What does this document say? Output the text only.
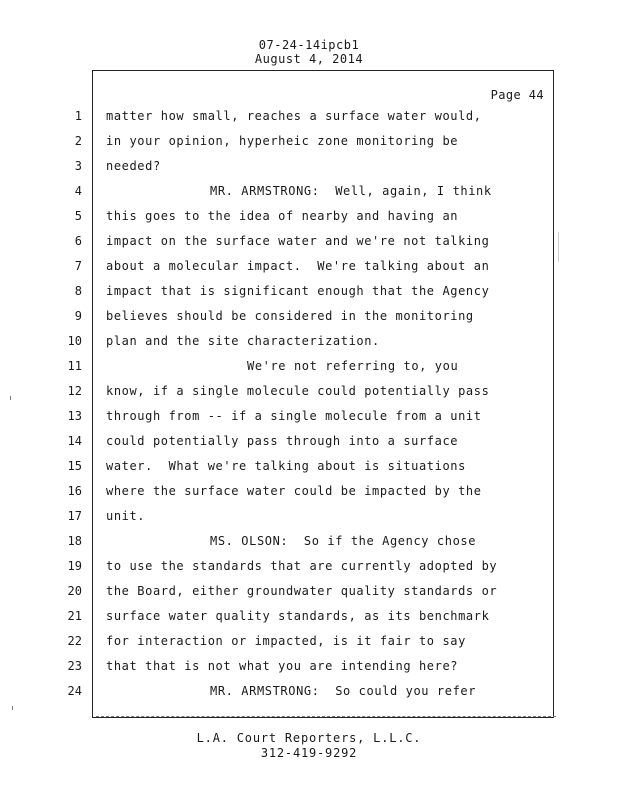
07-24-14ipcb1
August 4, 2014
Page 44
1 matter how small, reaches a surface water would,
2 in your opinion, hyperheic zone monitoring be
3 needed?
4	MR. ARMSTRONG:  Well, again, I think
5 this goes to the idea of nearby and having an
6 impact on the surface water and we're not talking
7 about a molecular impact.  We're talking about an
8 impact that is significant enough that the Agency
9 believes should be considered in the monitoring
10 plan and the site characterization.
11	We're not referring to, you
12 know, if a single molecule could potentially pass
13 through from -- if a single molecule from a unit
14 could potentially pass through into a surface
15 water.  What we're talking about is situations
16 where the surface water could be impacted by the
17 unit.
18	MS. OLSON:  So if the Agency chose
19 to use the standards that are currently adopted by
20 the Board, either groundwater quality standards or
21 surface water quality standards, as its benchmark
22 for interaction or impacted, is it fair to say
23 that that is not what you are intending here?
24	MR. ARMSTRONG:  So could you refer
L.A. Court Reporters, L.L.C.
312-419-9292
